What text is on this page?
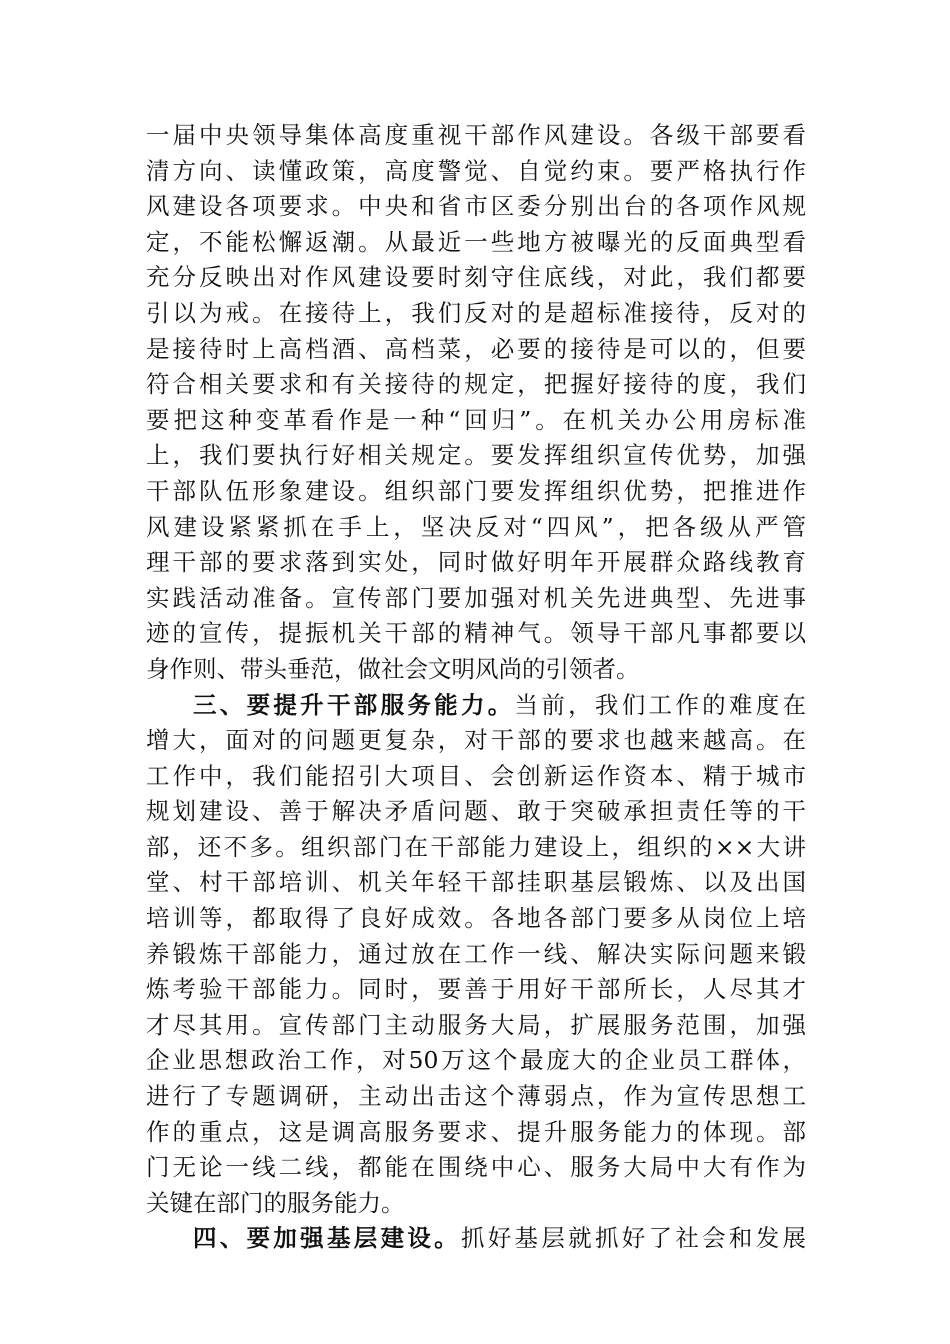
一届中央领导集体高度重视干部作风建设。各级干部要看
清方向、读懂政策，高度警觉、自觉约束。要严格执行作
风建设各项要求。中央和省市区委分别出台的各项作风规
定，不能松懈返潮。从最近一些地方被曝光的反面典型看
充分反映出对作风建设要时刻守住底线，对此，我们都要
引以为戒。在接待上，我们反对的是超标准接待，反对的
是接待时上高档酒、高档菜，必要的接待是可以的，但要
符合相关要求和有关接待的规定，把握好接待的度，我们
要把这种变革看作是一种“回归”。在机关办公用房标准
上，我们要执行好相关规定。要发挥组织宣传优势，加强
干部队伍形象建设。组织部门要发挥组织优势，把推进作
风建设紧紧抓在手上，坚决反对“四风”，把各级从严管
理干部的要求落到实处，同时做好明年开展群众路线教育
实践活动准备。宣传部门要加强对机关先进典型、先进事
迹的宣传，提振机关干部的精神气。领导干部凡事都要以
身作则、带头垂范，做社会文明风尚的引领者。
三、要提升干部服务能力。当前，我们工作的难度在
增大，面对的问题更复杂，对干部的要求也越来越高。在
工作中，我们能招引大项目、会创新运作资本、精于城市
规划建设、善于解决矛盾问题、敢于突破承担责任等的干
部，还不多。组织部门在干部能力建设上，组织的××大讲
堂、村干部培训、机关年轻干部挂职基层锻炼、以及出国
培训等，都取得了良好成效。各地各部门要多从岗位上培
养锻炼干部能力，通过放在工作一线、解决实际问题来锻
炼考验干部能力。同时，要善于用好干部所长，人尽其才
才尽其用。宣传部门主动服务大局，扩展服务范围，加强
企业思想政治工作，对50万这个最庞大的企业员工群体，
进行了专题调研，主动出击这个薄弱点，作为宣传思想工
作的重点，这是调高服务要求、提升服务能力的体现。部
门无论一线二线，都能在围绕中心、服务大局中大有作为
关键在部门的服务能力。
四、要加强基层建设。抓好基层就抓好了社会和发展
